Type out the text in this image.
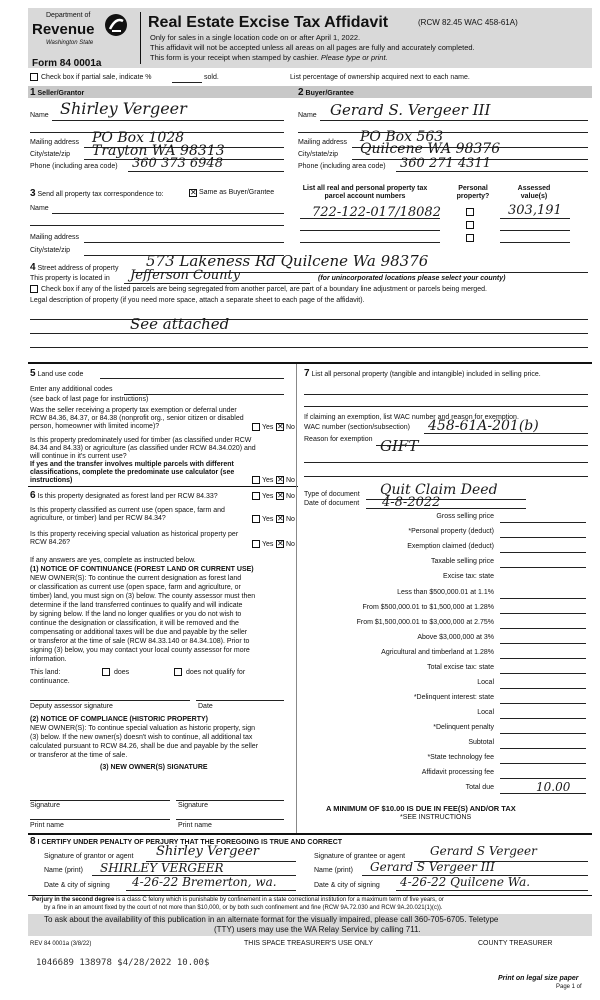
Department of
Revenue
Washington State
Form 84 0001a
Real Estate Excise Tax Affidavit	(RCW 82.45 WAC 458-61A)
Only for sales in a single location code on or after April 1, 2022.
This affidavit will not be accepted unless all areas on all pages are fully and accurately completed.
This form is your receipt when stamped by cashier. Please type or print.
Check box if partial sale, indicate %	sold.	List percentage of ownership acquired next to each name.
1 Seller/Grantor	2 Buyer/Grantee
Name Shirley Vergeer	Name Gerard S. Vergeer III
Mailing address PO Box 1028
City/state/zip Trayton WA 98313
Phone (including area code) 360 373 6948
Mailing address PO Box 563
City/state/zip Quilcene WA 98376
Phone (including area code) 360 271 4311
3 Send all property tax correspondence to: ✕	Same as Buyer/Grantee
Name
Mailing address
City/state/zip
List all real and personal property tax parcel account numbers
Personal property?
Assessed value(s)
722-122-017/18082	303,191
4 Street address of property 573 Lakeness Rd Quilcene Wa 98376
This property is located in Jefferson County	(for unincorporated locations please select your county)
Check box if any of the listed parcels are being segregated from another parcel, are part of a boundary line adjustment or parcels being merged.
Legal description of property (if you need more space, attach a separate sheet to each page of the affidavit).
See attached
5 Land use code
Enter any additional codes
(see back of last page for instructions)
Was the seller receiving a property tax exemption or deferral under RCW 84.36, 84.37, or 84.38 (nonprofit org., senior citizen or disabled person, homeowner with limited income)?	Yes ✕ No
Is this property predominately used for timber (as classified under RCW 84.34 and 84.33) or agriculture (as classified under RCW 84.34.020) and will continue in it's current use?
If yes and the transfer involves multiple parcels with different classifications, complete the predominate use calculator (see instructions)	Yes ✕ No
6 Is this property designated as forest land per RCW 84.33?	Yes ✕ No
Is this property classified as current use (open space, farm and agriculture, or timber) land per RCW 84.34?	Yes ✕ No
Is this property receiving special valuation as historical property per RCW 84.26?	Yes ✕ No
If any answers are yes, complete as instructed below.
(1) NOTICE OF CONTINUANCE (FOREST LAND OR CURRENT USE)
NEW OWNER(S): To continue the current designation as forest land
or classification as current use (open space, farm and agriculture, or
timber) land, you must sign on (3) below. The county assessor must then
determine if the land transferred continues to qualify and will indicate
by signing below. If the land no longer qualifies or you do not wish to
continue the designation or classification, it will be removed and the
compensating or additional taxes will be due and payable by the seller
or transferor at the time of sale (RCW 84.33.140 or 84.34.108). Prior to
signing (3) below, you may contact your local county assessor for more
information.
This land:	does	does not qualify for
continuance.
Deputy assessor signature	Date
(2) NOTICE OF COMPLIANCE (HISTORIC PROPERTY)
NEW OWNER(S): To continue special valuation as historic property, sign
(3) below. If the new owner(s) doesn't wish to continue, all additional tax
calculated pursuant to RCW 84.26, shall be due and payable by the seller
or transferor at the time of sale.
(3) NEW OWNER(S) SIGNATURE
Signature	Signature
Print name	Print name
7 List all personal property (tangible and intangible) included in selling price.
If claiming an exemption, list WAC number and reason for exemption.
WAC number (section/subsection) 458-61A-201(b)
Reason for exemption GIFT
Type of document Quit Claim Deed
Date of document 4-8-2022
Gross selling price
*Personal property (deduct)
Exemption claimed (deduct)
Taxable selling price
Excise tax: state
Less than $500,000.01 at 1.1%
From $500,000.01 to $1,500,000 at 1.28%
From $1,500,000.01 to $3,000,000 at 2.75%
Above $3,000,000 at 3%
Agricultural and timberland at 1.28%
Total excise tax: state
Local
*Delinquent interest: state
Local
*Delinquent penalty
Subtotal
*State technology fee
Affidavit processing fee
Total due	10.00
A MINIMUM OF $10.00 IS DUE IN FEE(S) AND/OR TAX
*SEE INSTRUCTIONS
8 I CERTIFY UNDER PENALTY OF PERJURY THAT THE FOREGOING IS TRUE AND CORRECT
Signature of grantor or agent Shirley Vergeer
Name (print) SHIRLEY VERGEER
Date & city of signing 4-26-22 Bremerton, wa.
Signature of grantee or agent Gerard S Vergeer
Name (print) Gerard S Vergeer III
Date & city of signing 4-26-22 Quilcene Wa.
Perjury in the second degree is a class C felony which is punishable by confinement in a state correctional institution for a maximum term of five years, or
by a fine in an amount fixed by the court of not more than $10,000, or by both such confinement and fine (RCW 9A.72.030 and RCW 9A.20.021(1)(c)).
To ask about the availability of this publication in an alternate format for the visually impaired, please call 360-705-6705. Teletype
(TTY) users may use the WA Relay Service by calling 711.
REV 84 0001a (3/8/22)	THIS SPACE TREASURER'S USE ONLY	COUNTY TREASURER
1046689 138978 $4/28/2022 10.00$
Print on legal size paper
Page 1 of
